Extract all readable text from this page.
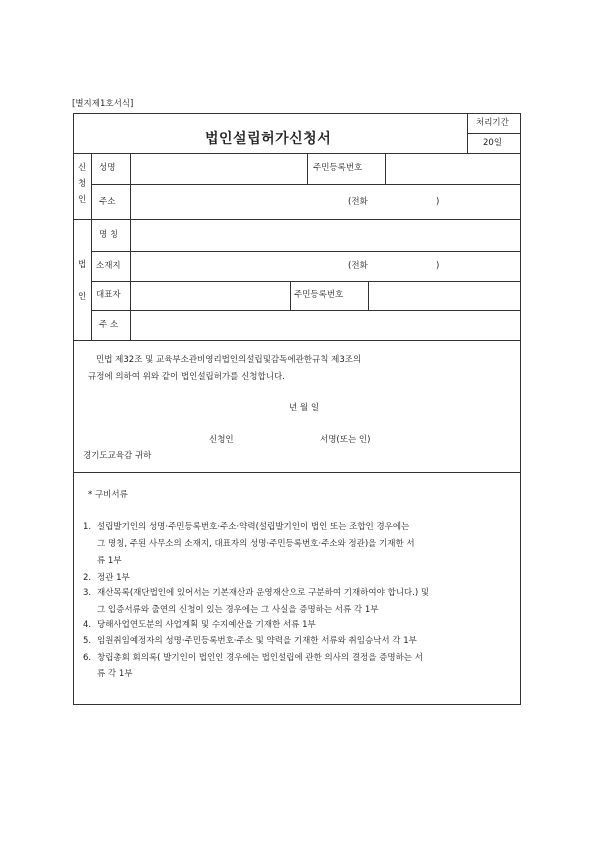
[별지제1호서식]
법인설립허가신청서
처리기간
20일
신
청
인
성명	주민등록번호
주소	(전화	)
법
인
명 칭
소재지	(전화	)
대표자	주민등록번호
주 소
민법 제32조 및 교육부소관비영리법인의설립및감독에관한규칙 제3조의
규정에 의하여 위와 같이 법인설립허가를 신청합니다.
년 월 일
신청인	서명(또는 인)
경기도교육감 귀하
* 구비서류
1. 설립발기인의 성명·주민등록번호·주소·약력(설립발기인이 법인 또는 조합인 경우에는
그 명칭, 주된 사무소의 소재지, 대표자의 성명·주민등록번호·주소와 정관)을 기재한 서
류 1부
2. 정관 1부
3. 재산목록(재단법인에 있어서는 기본재산과 운영재산으로 구분하여 기재하여야 합니다.) 및
그 입증서류와 출연의 신청이 있는 경우에는 그 사실을 증명하는 서류 각 1부
4. 당해사업연도분의 사업계획 및 수지예산을 기재한 서류 1부
5. 임원취임예정자의 성명·주민등록번호·주소 및 약력을 기재한 서류와 취임승낙서 각 1부
6. 창립총회 회의록( 발기인이 법인인 경우에는 법인설립에 관한 의사의 결정을 증명하는 서
류 각 1부
